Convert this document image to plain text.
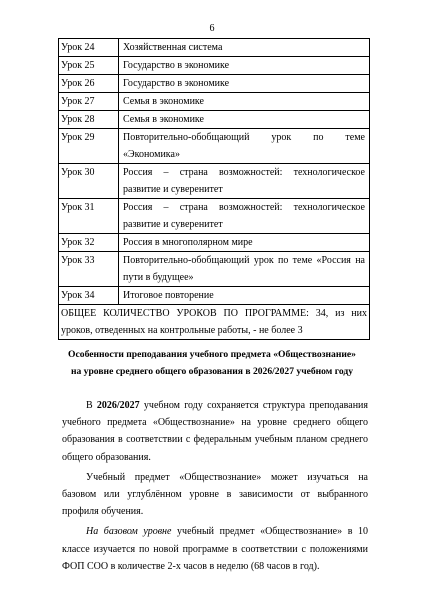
6
Урок 24	Хозяйственная система
Урок 25	Государство в экономике
Урок 26	Государство в экономике
Урок 27	Семья в экономике
Урок 28	Семья в экономике
Урок 29	Повторительно-обобщающий урок по теме «Экономика»
Урок 30	Россия – страна возможностей: технологическое развитие и суверенитет
Урок 31	Россия – страна возможностей: технологическое развитие и суверенитет
Урок 32	Россия в многополярном мире
Урок 33	Повторительно-обобщающий урок по теме «Россия на пути в будущее»
Урок 34	Итоговое повторение
ОБЩЕЕ КОЛИЧЕСТВО УРОКОВ ПО ПРОГРАММЕ: 34, из них уроков, отведенных на контрольные работы, - не более 3	
Особенности преподавания учебного предмета «Обществознание»
на уровне среднего общего образования в 2026/2027 учебном году

В 2026/2027 учебном году сохраняется структура преподавания учебного предмета «Обществознание» на уровне среднего общего образования в соответствии с федеральным учебным планом среднего общего образования.

Учебный предмет «Обществознание» может изучаться на базовом или углублённом уровне в зависимости от выбранного профиля обучения.

На базовом уровне учебный предмет «Обществознание» в 10 классе изучается по новой программе в соответствии с положениями ФОП СОО в количестве 2-х часов в неделю (68 часов в год).
